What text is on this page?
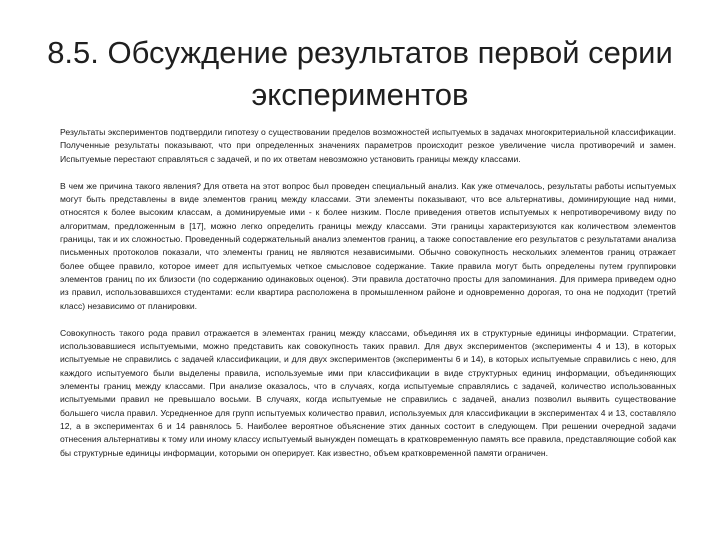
8.5. Обсуждение результатов первой серии экспериментов

Результаты экспериментов подтвердили гипотезу о существовании пределов возможностей испытуемых в задачах многокритериальной классификации. Полученные результаты показывают, что при определенных значениях параметров происходит резкое увеличение числа противоречий и замен. Испытуемые перестают справляться с задачей, и по их ответам невозможно установить границы между классами.

В чем же причина такого явления? Для ответа на этот вопрос был проведен специальный анализ. Как уже отмечалось, результаты работы испытуемых могут быть представлены в виде элементов границ между классами. Эти элементы показывают, что все альтернативы, доминирующие над ними, относятся к более высоким классам, а доминируемые ими - к более низким. После приведения ответов испытуемых к непротиворечивому виду по алгоритмам, предложенным в [17], можно легко определить границы между классами. Эти границы характеризуются как количеством элементов границы, так и их сложностью. Проведенный содержательный анализ элементов границ, а также сопоставление его результатов с результатами анализа письменных протоколов показали, что элементы границ не являются независимыми. Обычно совокупность нескольких элементов границ отражает более общее правило, которое имеет для испытуемых четкое смысловое содержание. Такие правила могут быть определены путем группировки элементов границ по их близости (по содержанию одинаковых оценок). Эти правила достаточно просты для запоминания. Для примера приведем одно из правил, использовавшихся студентами: если квартира расположена в промышленном районе и одновременно дорогая, то она не подходит (третий класс) независимо от планировки.

Совокупность такого рода правил отражается в элементах границ между классами, объединяя их в структурные единицы информации. Стратегии, использовавшиеся испытуемыми, можно представить как совокупность таких правил. Для двух экспериментов (эксперименты 4 и 13), в которых испытуемые не справились с задачей классификации, и для двух экспериментов (эксперименты 6 и 14), в которых испытуемые справились с нею, для каждого испытуемого были выделены правила, используемые ими при классификации в виде структурных единиц информации, объединяющих элементы границ между классами. При анализе оказалось, что в случаях, когда испытуемые справлялись с задачей, количество использованных испытуемыми правил не превышало восьми. В случаях, когда испытуемые не справились с задачей, анализ позволил выявить существование большего числа правил. Усредненное для групп испытуемых количество правил, используемых для классификации в экспериментах 4 и 13, составляло 12, а в экспериментах 6 и 14 равнялось 5. Наиболее вероятное объяснение этих данных состоит в следующем. При решении очередной задачи отнесения альтернативы к тому или иному классу испытуемый вынужден помещать в кратковременную память все правила, представляющие собой как бы структурные единицы информации, которыми он оперирует. Как известно, объем кратковременной памяти ограничен.
